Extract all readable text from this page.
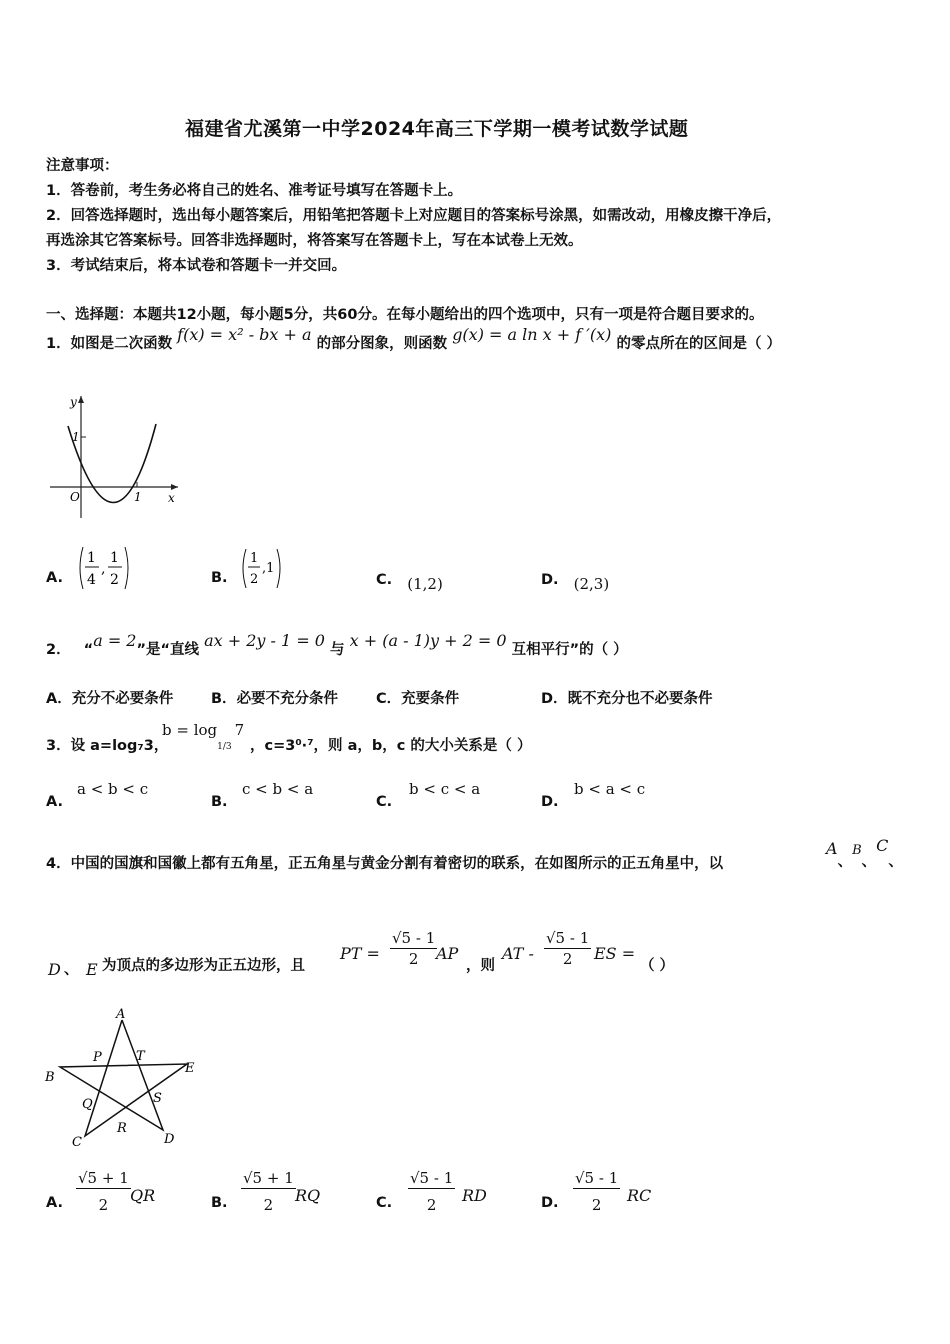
福建省尤溪第一中学2024年高三下学期一模考试数学试题
注意事项：
1．答卷前，考生务必将自己的姓名、准考证号填写在答题卡上。
2．回答选择题时，选出每小题答案后，用铅笔把答题卡上对应题目的答案标号涂黑，如需改动，用橡皮擦干净后，
再选涂其它答案标号。回答非选择题时，将答案写在答题卡上，写在本试卷上无效。
3．考试结束后，将本试卷和答题卡一并交回。
一、选择题：本题共12小题，每小题5分，共60分。在每小题给出的四个选项中，只有一项是符合题目要求的。
1．如图是二次函数 f(x) = x² - bx + a 的部分图象，则函数 g(x) = a ln x + f ′(x) 的零点所在的区间是（ ）
y
x
O	1
1
A.
1
4
,
1
2	B.
1
2
,1
C. (1,2)	D. (2,3)
2． “a = 2”是“直线 ax + 2y - 1 = 0 与 x + (a - 1)y + 2 = 0 互相平行”的（ ）
A．充分不必要条件	B．必要不充分条件	C．充要条件	D．既不充分也不必要条件
3．设 a=log₇3，
$b = \log_{1/3}7$
，c=3⁰·⁷，则 a，b，c 的大小关系是（ ）
A.
a < b < c
B.
c < b < a
C.
b < c < a
D.
b < a < c
4．中国的国旗和国徽上都有五角星，正五角星与黄金分割有着密切的联系，在如图所示的正五角星中，以
A、B、C、
D 、 E 为顶点的多边形为正五边形，且
PT = $\frac{√5 - 1}{2}$
AP
，则
AT - $\frac{√5 - 1}{2}$ ES =
（ ）
A
B
C	D
E
P	T
Q	S
R
A. $\frac{√5 + 1}{2}$ QR	B. $\frac{√5 + 1}{2}$ RQ	C. $\frac{√5 - 1}{2}$ RD	D. $\frac{√5 - 1}{2}$ RC
